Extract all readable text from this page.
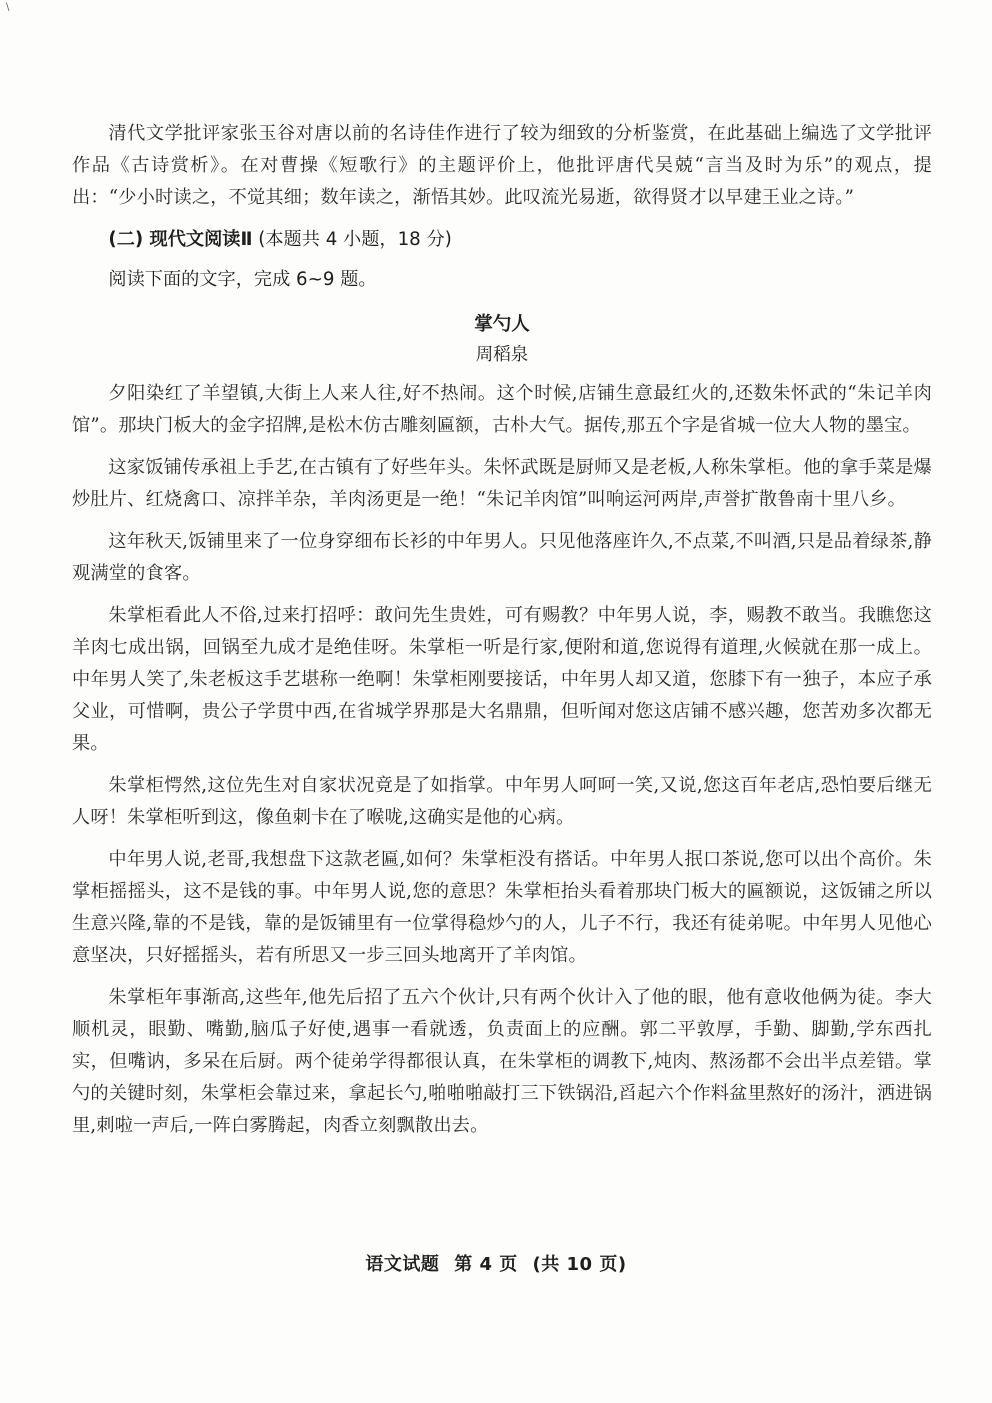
\

清代文学批评家张玉谷对唐以前的名诗佳作进行了较为细致的分析鉴赏，在此基础上编选了文学批评作品《古诗赏析》。在对曹操《短歌行》的主题评价上，他批评唐代吴兢“言当及时为乐”的观点，提出：“少小时读之，不觉其细；数年读之，渐悟其妙。此叹流光易逝，欲得贤才以早建王业之诗。”

(二) 现代文阅读Ⅱ (本题共 4 小题，18 分)
阅读下面的文字，完成 6~9 题。
掌勺人
周稻泉

夕阳染红了羊望镇,大街上人来人往,好不热闹。这个时候,店铺生意最红火的,还数朱怀武的“朱记羊肉馆”。那块门板大的金字招牌,是松木仿古雕刻匾额，古朴大气。据传,那五个字是省城一位大人物的墨宝。

这家饭铺传承祖上手艺,在古镇有了好些年头。朱怀武既是厨师又是老板,人称朱掌柜。他的拿手菜是爆炒肚片、红烧禽口、凉拌羊杂，羊肉汤更是一绝！“朱记羊肉馆”叫响运河两岸,声誉扩散鲁南十里八乡。

这年秋天,饭铺里来了一位身穿细布长衫的中年男人。只见他落座许久,不点菜,不叫酒,只是品着绿茶,静观满堂的食客。

朱掌柜看此人不俗,过来打招呼：敢问先生贵姓，可有赐教？中年男人说，李，赐教不敢当。我瞧您这羊肉七成出锅，回锅至九成才是绝佳呀。朱掌柜一听是行家,便附和道,您说得有道理,火候就在那一成上。中年男人笑了,朱老板这手艺堪称一绝啊！朱掌柜刚要接话，中年男人却又道，您膝下有一独子，本应子承父业，可惜啊，贵公子学贯中西,在省城学界那是大名鼎鼎，但听闻对您这店铺不感兴趣，您苦劝多次都无果。

朱掌柜愕然,这位先生对自家状况竟是了如指掌。中年男人呵呵一笑,又说,您这百年老店,恐怕要后继无人呀！朱掌柜听到这，像鱼刺卡在了喉咙,这确实是他的心病。

中年男人说,老哥,我想盘下这款老匾,如何？朱掌柜没有搭话。中年男人抿口茶说,您可以出个高价。朱掌柜摇摇头，这不是钱的事。中年男人说,您的意思？朱掌柜抬头看着那块门板大的匾额说，这饭铺之所以生意兴隆,靠的不是钱，靠的是饭铺里有一位掌得稳炒勺的人，儿子不行，我还有徒弟呢。中年男人见他心意坚决，只好摇摇头，若有所思又一步三回头地离开了羊肉馆。

朱掌柜年事渐高,这些年,他先后招了五六个伙计,只有两个伙计入了他的眼，他有意收他俩为徒。李大顺机灵，眼勤、嘴勤,脑瓜子好使,遇事一看就透，负责面上的应酬。郭二平敦厚，手勤、脚勤,学东西扎实，但嘴讷，多呆在后厨。两个徒弟学得都很认真，在朱掌柜的调教下,炖肉、熬汤都不会出半点差错。掌勺的关键时刻，朱掌柜会靠过来，拿起长勺,啪啪啪敲打三下铁锅沿,舀起六个作料盆里熬好的汤汁，洒进锅里,刺啦一声后,一阵白雾腾起，肉香立刻飘散出去。

语文试题 第 4 页 (共 10 页)
